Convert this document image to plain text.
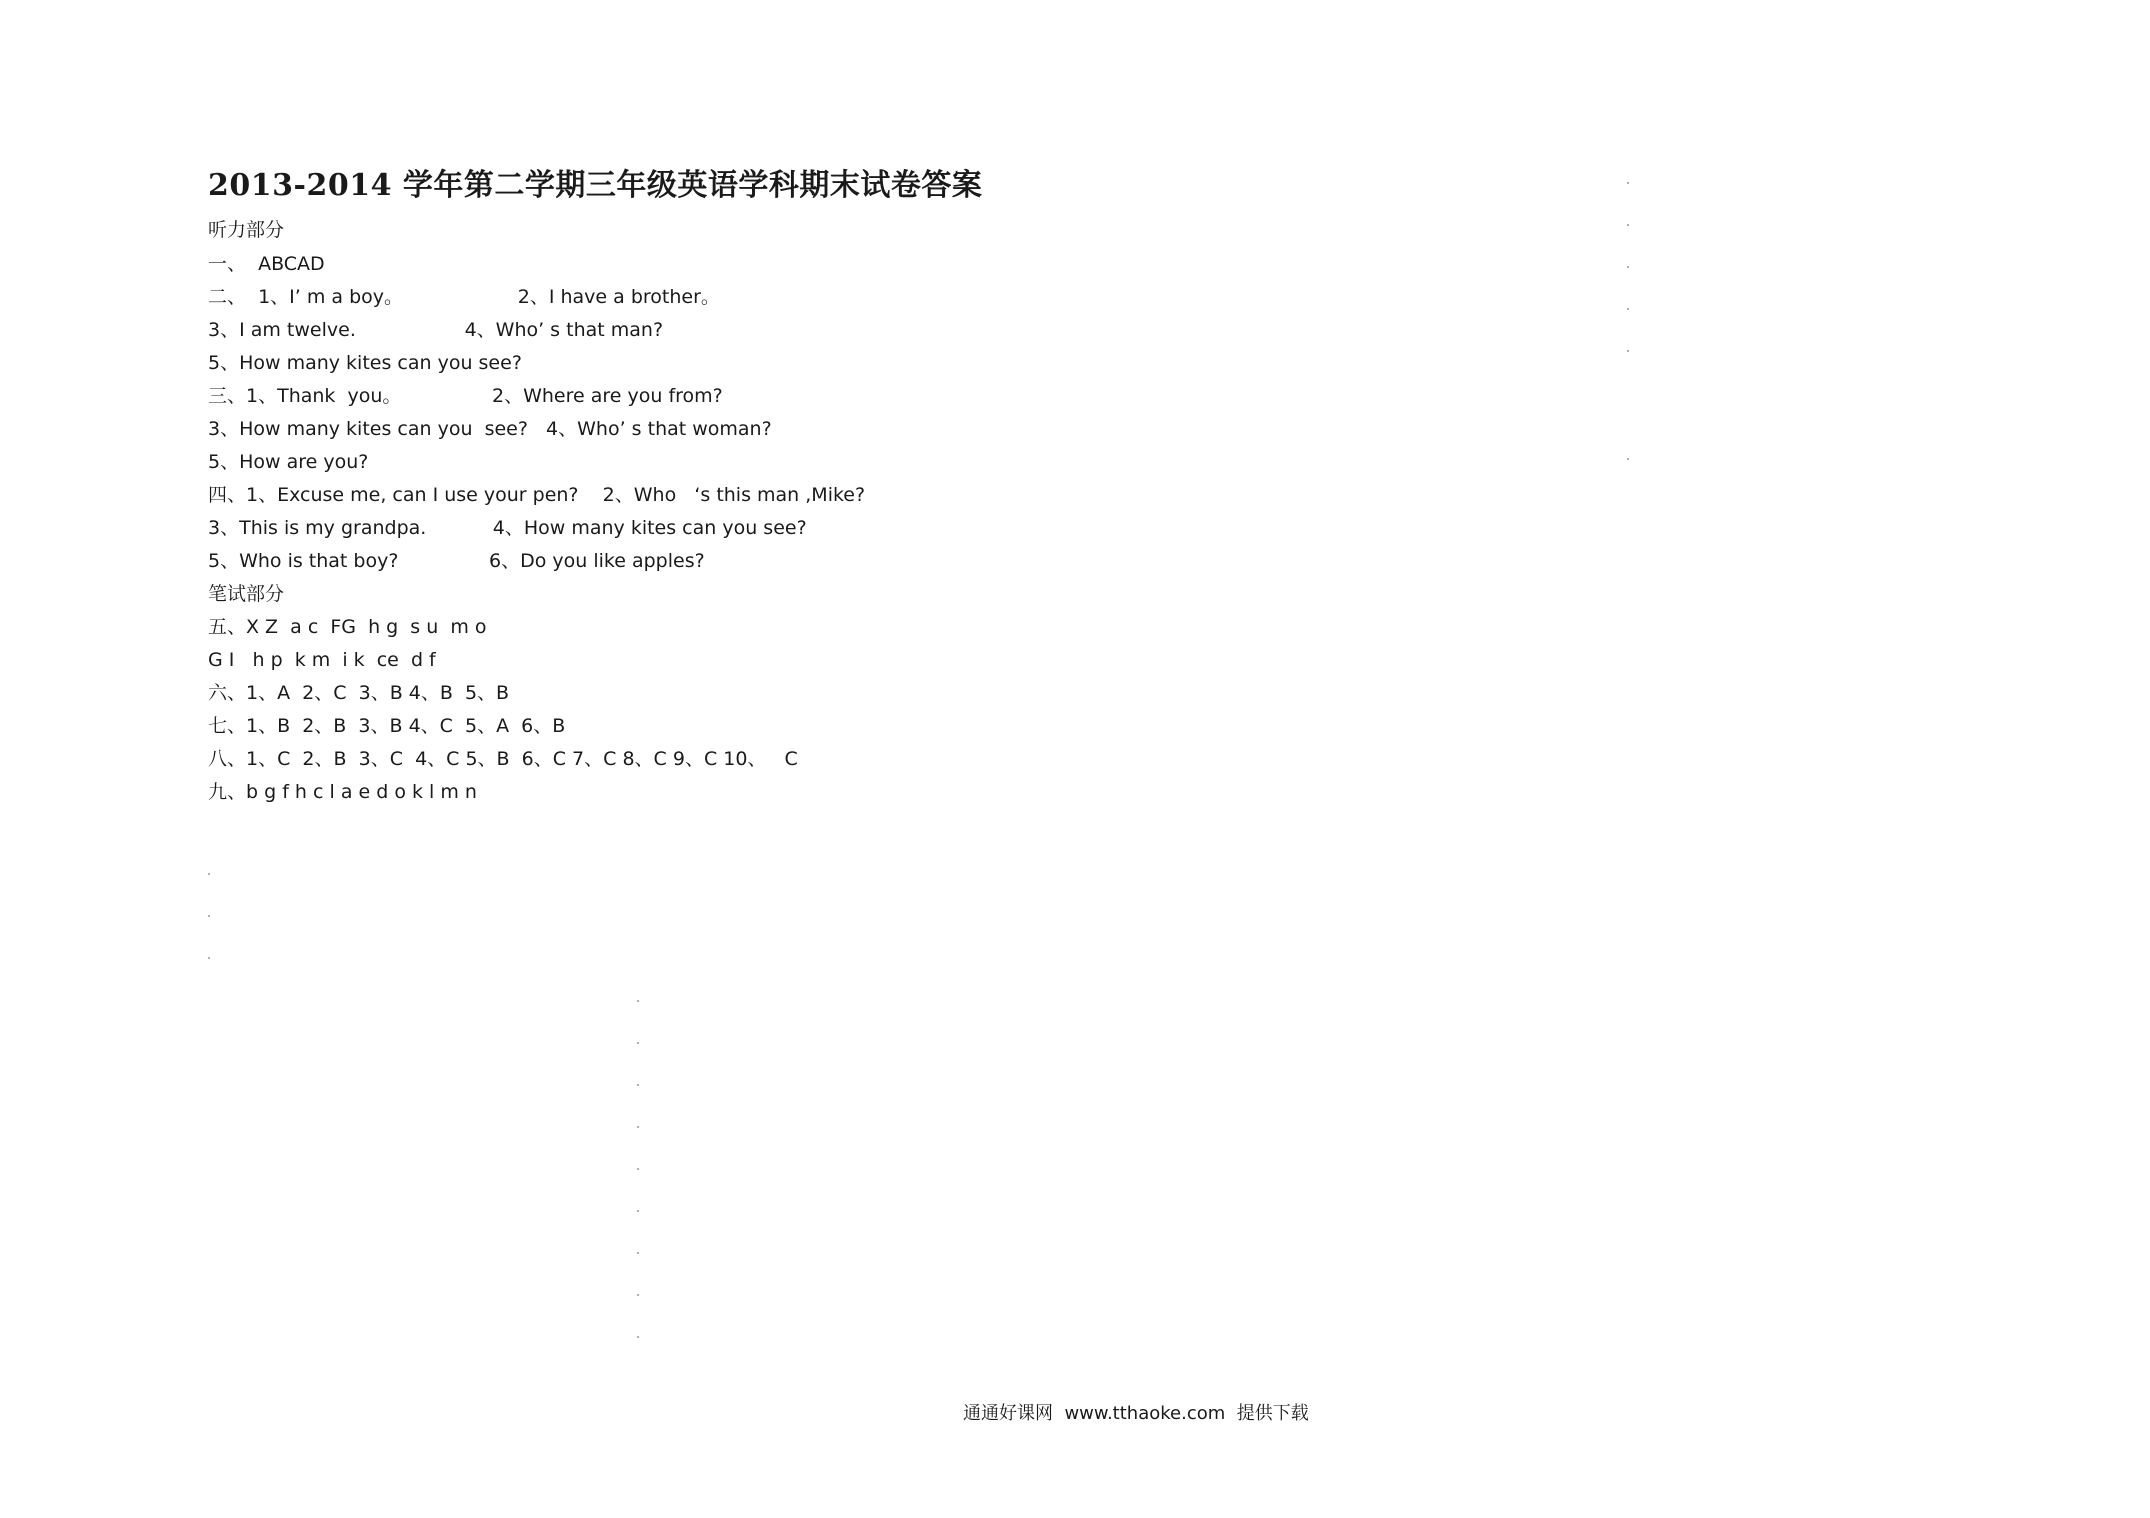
2013-2014 学年第二学期三年级英语学科期末试卷答案
听力部分
一、  ABCAD
二、  1、I’ m a boy。                   2、I have a brother。
3、I am twelve.                  4、Who’ s that man?
5、How many kites can you see?
三、1、Thank  you。               2、Where are you from?
3、How many kites can you  see?   4、Who’ s that woman?
5、How are you?
四、1、Excuse me, can I use your pen?    2、Who   ‘s this man ,Mike?
3、This is my grandpa.           4、How many kites can you see?
5、Who is that boy?               6、Do you like apples?
笔试部分
五、X Z  a c  FG  h g  s u  m o
G I   h p  k m  i k  ce  d f
六、1、A  2、C  3、B 4、B  5、B
七、1、B  2、B  3、B 4、C  5、A  6、B
八、1、C  2、B  3、C  4、C 5、B  6、C 7、C 8、C 9、C 10、   C
九、b g f h c l a e d o k l m n
通通好课网  www.tthaoke.com  提供下载
